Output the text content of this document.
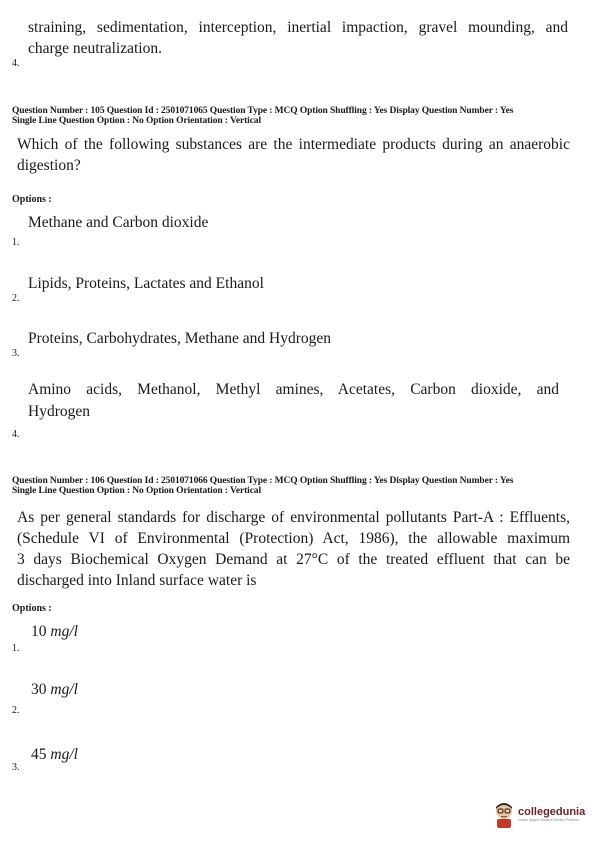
straining, sedimentation, interception, inertial impaction, gravel mounding, and
charge neutralization.
4.
Question Number : 105 Question Id : 2501071065 Question Type : MCQ Option Shuffling : Yes Display Question Number : Yes
Single Line Question Option : No Option Orientation : Vertical
Which of the following substances are the intermediate products during an anaerobic
digestion?
Options :
Methane and Carbon dioxide
1.
Lipids, Proteins, Lactates and Ethanol
2.
Proteins, Carbohydrates, Methane and Hydrogen
3.
Amino acids, Methanol, Methyl amines, Acetates, Carbon dioxide, and
Hydrogen
4.
Question Number : 106 Question Id : 2501071066 Question Type : MCQ Option Shuffling : Yes Display Question Number : Yes
Single Line Question Option : No Option Orientation : Vertical
As per general standards for discharge of environmental pollutants Part-A : Effluents,
(Schedule VI of Environmental (Protection) Act, 1986), the allowable maximum
3 days Biochemical Oxygen Demand at 27°C of the treated effluent that can be
discharged into Inland surface water is
Options :
10 mg/l
1.
30 mg/l
2.
45 mg/l
3.
collegedunia
India's largest Student Review Platform
